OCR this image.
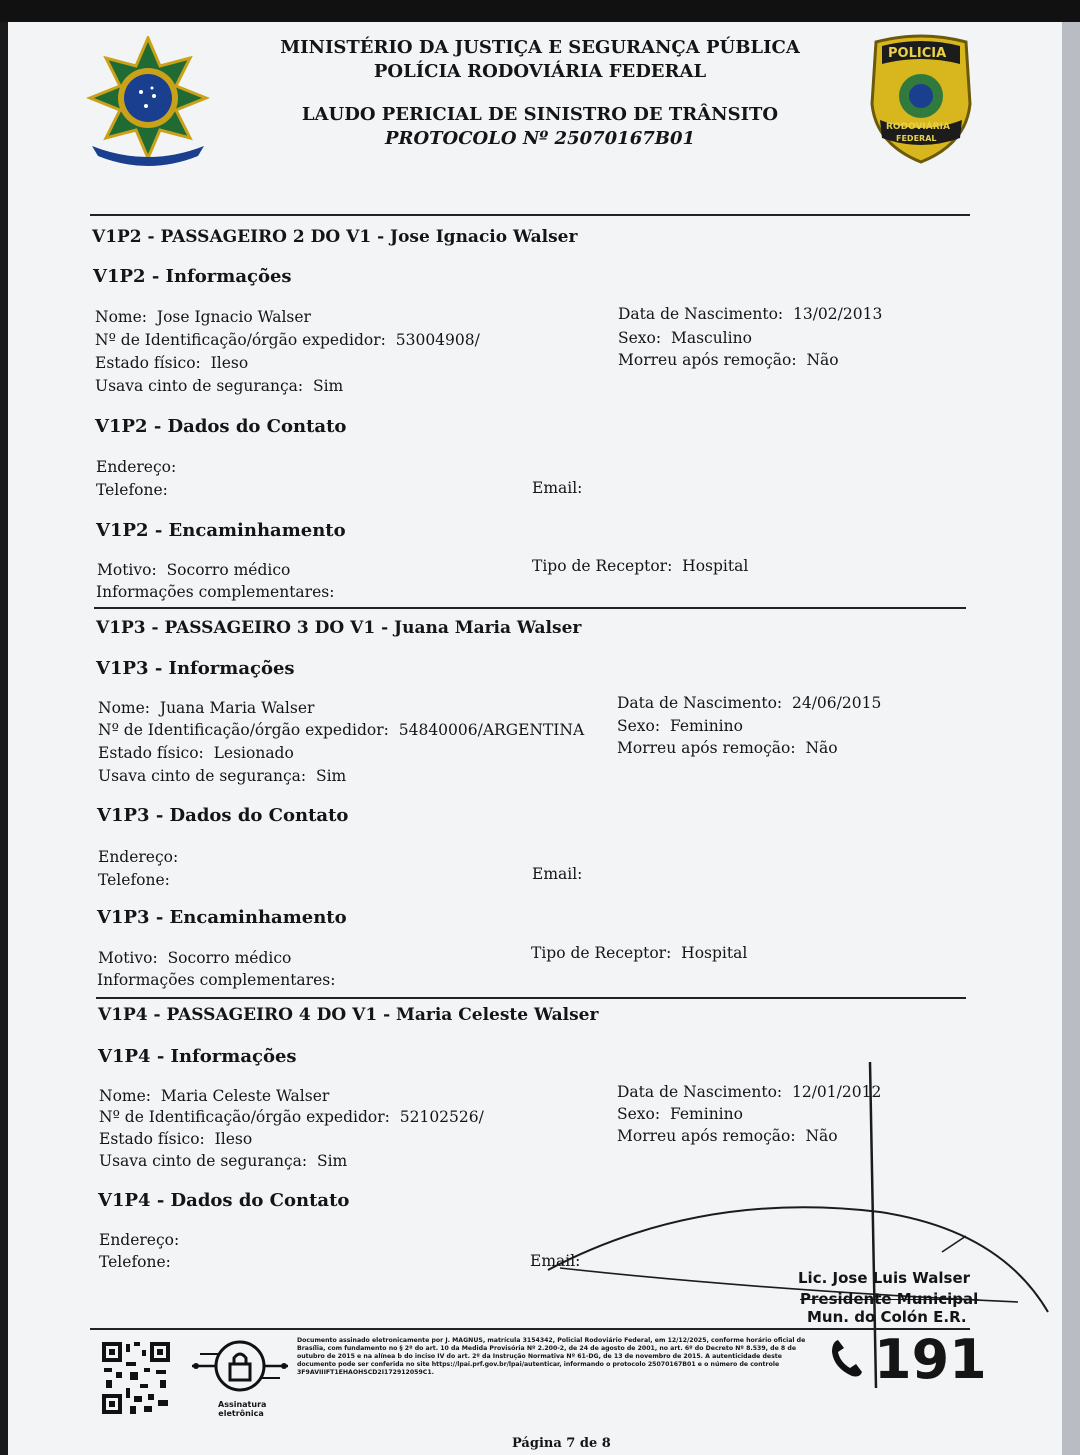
MINISTÉRIO DA JUSTIÇA E SEGURANÇA PÚBLICA
POLÍCIA RODOVIÁRIA FEDERAL
LAUDO PERICIAL DE SINISTRO DE TRÂNSITO
PROTOCOLO Nº 25070167B01
POLICIA
RODOVIÁRIA
FEDERAL
V1P2 - PASSAGEIRO 2 DO V1 - Jose Ignacio Walser
V1P2 - Informações
Nome: Jose Ignacio Walser
Nº de Identificação/órgão expedidor: 53004908/
Estado físico: Ileso
Usava cinto de segurança: Sim
Data de Nascimento: 13/02/2013
Sexo: Masculino
Morreu após remoção: Não
V1P2 - Dados do Contato
Endereço:
Telefone:	Email:
V1P2 - Encaminhamento
Motivo: Socorro médico
Informações complementares:
Tipo de Receptor: Hospital
V1P3 - PASSAGEIRO 3 DO V1 - Juana Maria Walser
V1P3 - Informações
Nome: Juana Maria Walser
Nº de Identificação/órgão expedidor: 54840006/ARGENTINA
Estado físico: Lesionado
Usava cinto de segurança: Sim
Data de Nascimento: 24/06/2015
Sexo: Feminino
Morreu após remoção: Não
V1P3 - Dados do Contato
Endereço:
Telefone:	Email:
V1P3 - Encaminhamento
Motivo: Socorro médico
Informações complementares:
Tipo de Receptor: Hospital
V1P4 - PASSAGEIRO 4 DO V1 - Maria Celeste Walser
V1P4 - Informações
Nome: Maria Celeste Walser
Nº de Identificação/órgão expedidor: 52102526/
Estado físico: Ileso
Usava cinto de segurança: Sim
Data de Nascimento: 12/01/2012
Sexo: Feminino
Morreu após remoção: Não
V1P4 - Dados do Contato
Endereço:
Telefone:	Email:
Lic. Jose Luis Walser
Presidente Municipal
Mun. do Colón E.R.
Assinatura
eletrônica
Documento assinado eletronicamente por J. MAGNUS, matrícula 3154342, Policial Rodoviário Federal, em 12/12/2025, conforme horário oficial de Brasília, com fundamento no § 2º do art. 10 da Medida Provisória Nº 2.200-2, de 24 de agosto de 2001, no art. 6º do Decreto Nº 8.539, de 8 de outubro de 2015 e na alínea b do inciso IV do art. 2º da Instrução Normativa Nº 61-DG, de 13 de novembro de 2015. A autenticidade deste documento pode ser conferida no site https://lpai.prf.gov.br/lpai/autenticar, informando o protocolo 25070167B01 e o número de controle 3F9AVIIIFT1EHAOHSCD2I172912059C1.	191
Página 7 de 8
